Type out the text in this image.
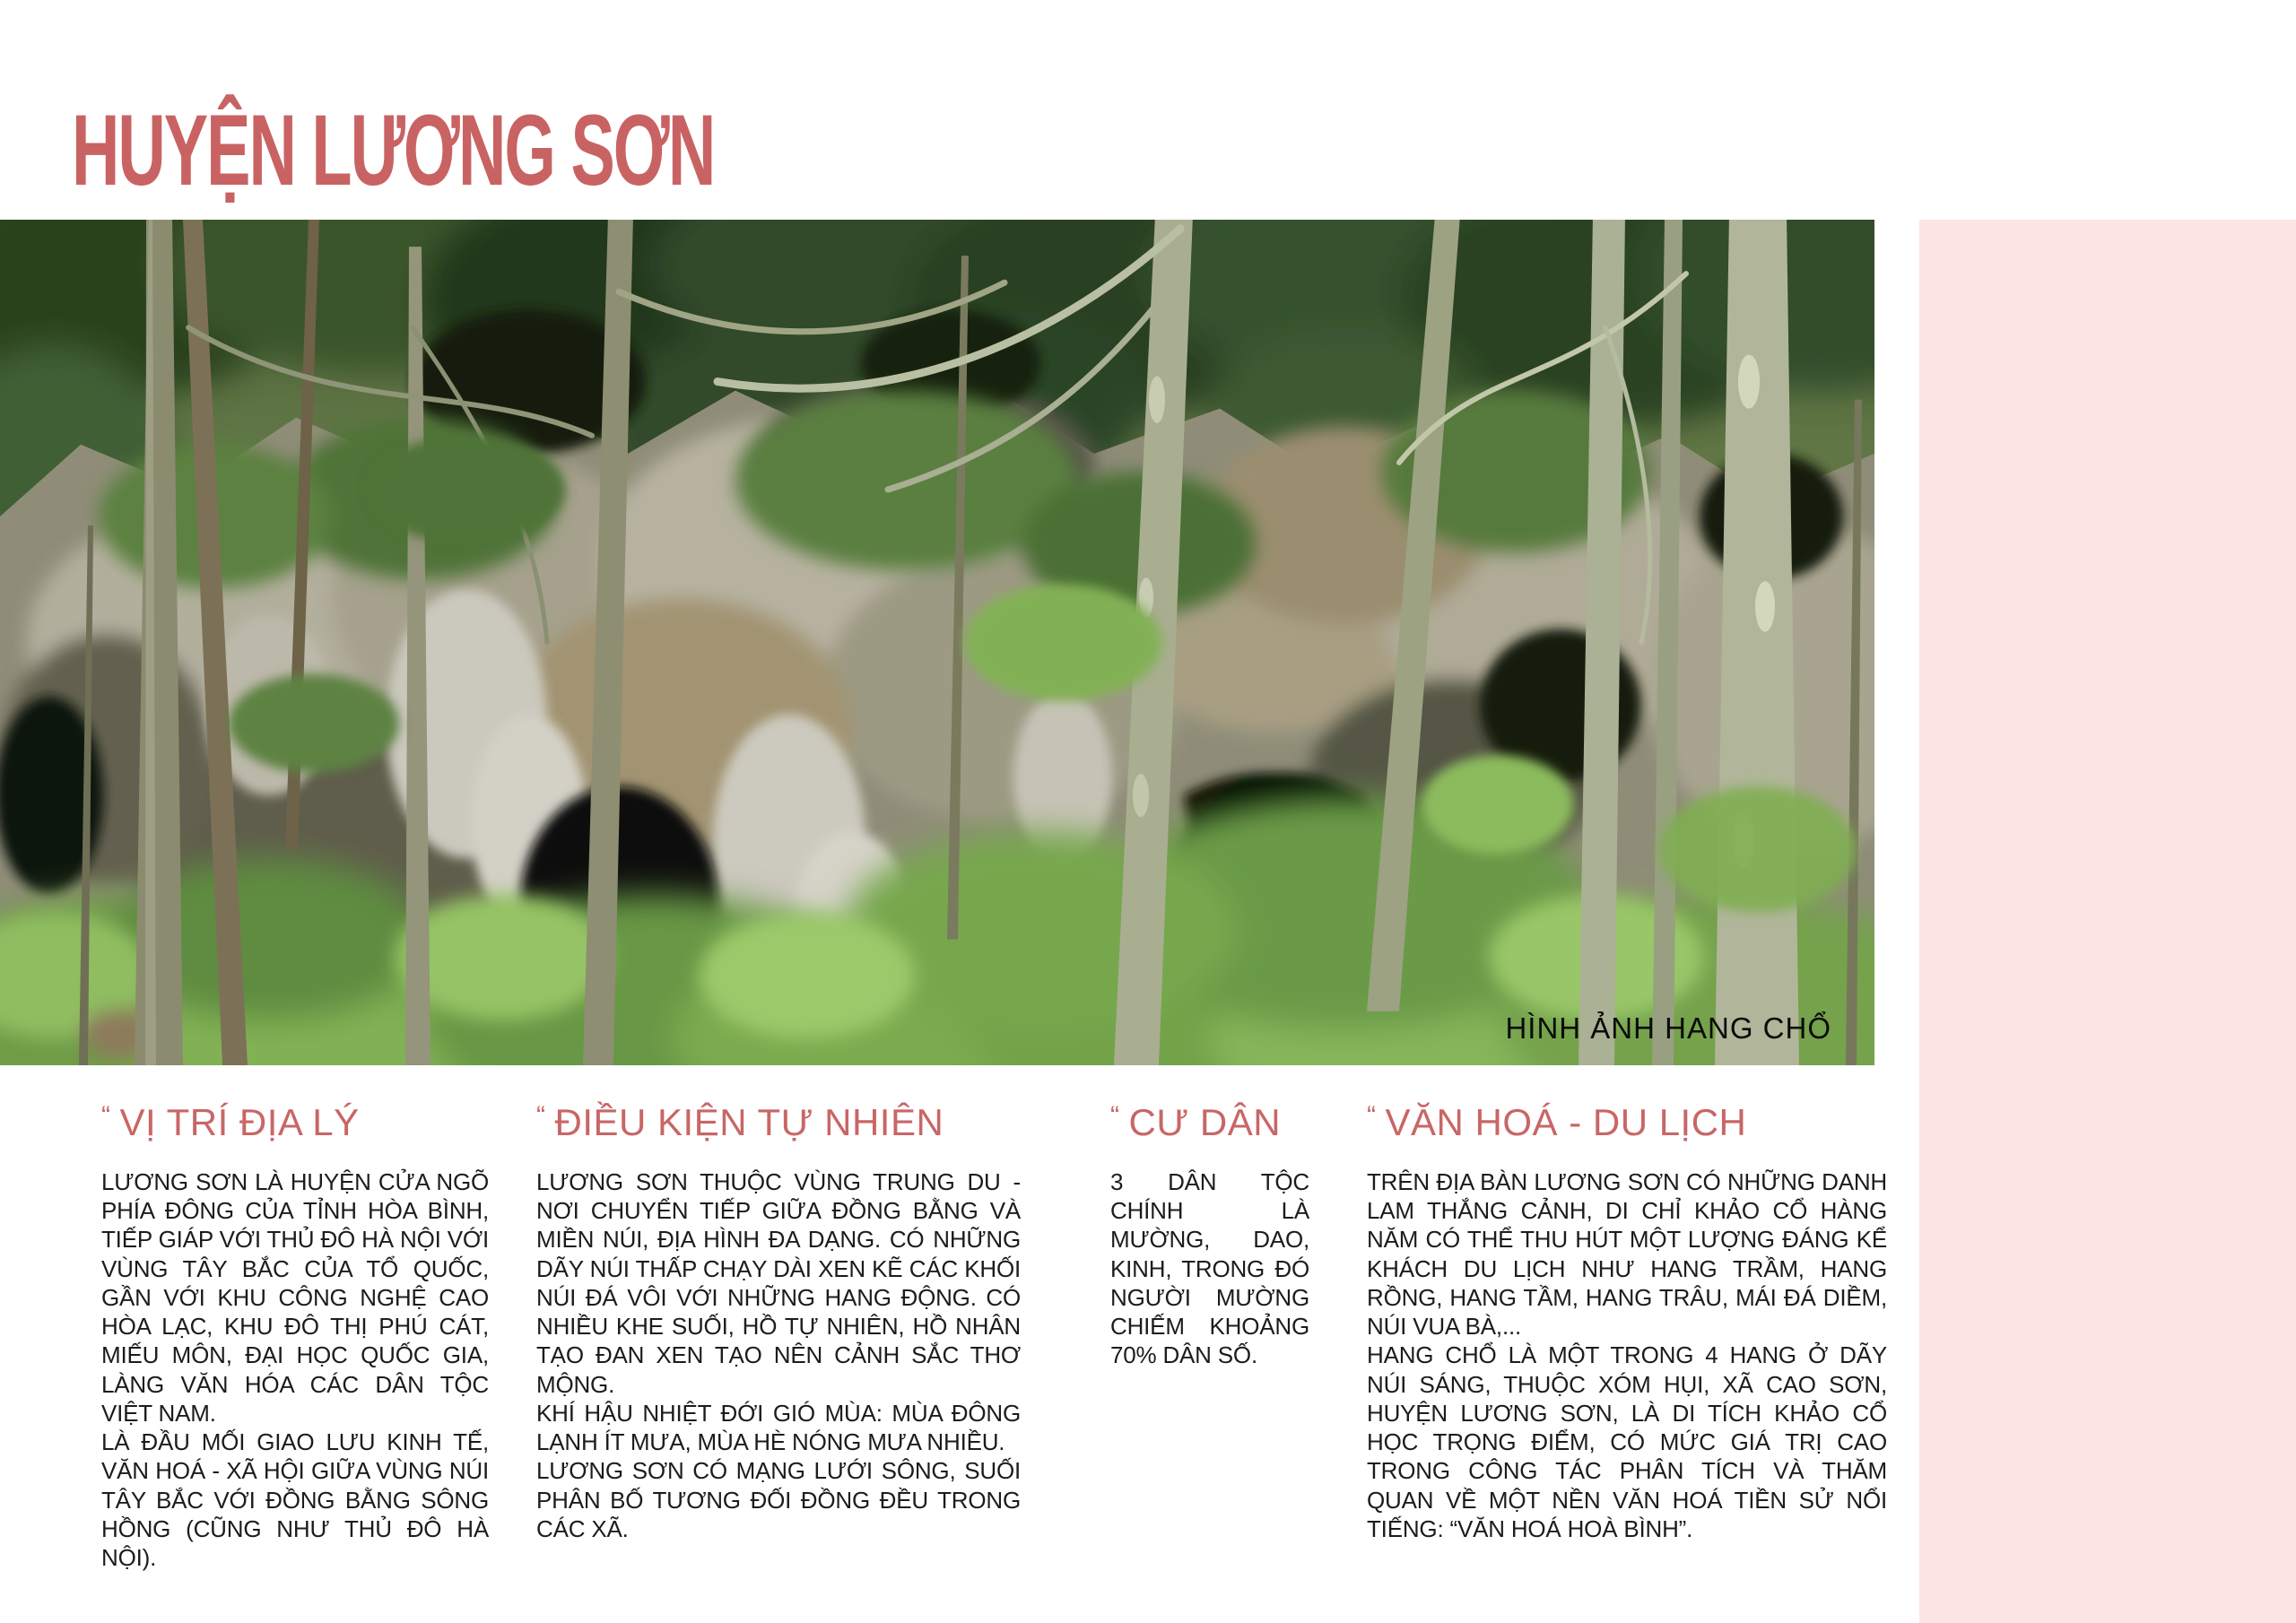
HUYỆN LƯƠNG SƠN
HÌNH ẢNH HANG CHỔ
“ VỊ TRÍ ĐỊA LÝ

LƯƠNG SƠN LÀ HUYỆN CỬA NGÕ PHÍA ĐÔNG CỦA TỈNH HÒA BÌNH, TIẾP GIÁP VỚI THỦ ĐÔ HÀ NỘI VỚI VÙNG TÂY BẮC CỦA TỔ QUỐC, GẦN VỚI KHU CÔNG NGHỆ CAO HÒA LẠC, KHU ĐÔ THỊ PHÚ CÁT, MIẾU MÔN, ĐẠI HỌC QUỐC GIA, LÀNG VĂN HÓA CÁC DÂN TỘC VIỆT NAM.

LÀ ĐẦU MỐI GIAO LƯU KINH TẾ, VĂN HOÁ - XÃ HỘI GIỮA VÙNG NÚI TÂY BẮC VỚI ĐỒNG BẰNG SÔNG HỒNG (CŨNG NHƯ THỦ ĐÔ HÀ NỘI).

“ ĐIỀU KIỆN TỰ NHIÊN

LƯƠNG SƠN THUỘC VÙNG TRUNG DU - NƠI CHUYỂN TIẾP GIỮA ĐỒNG BẰNG VÀ MIỀN NÚI, ĐỊA HÌNH ĐA DẠNG. CÓ NHỮNG DÃY NÚI THẤP CHẠY DÀI XEN KẼ CÁC KHỐI NÚI ĐÁ VÔI VỚI NHỮNG HANG ĐỘNG. CÓ NHIỀU KHE SUỐI, HỒ TỰ NHIÊN, HỒ NHÂN TẠO ĐAN XEN TẠO NÊN CẢNH SẮC THƠ MỘNG.

KHÍ HẬU NHIỆT ĐỚI GIÓ MÙA: MÙA ĐÔNG LẠNH ÍT MƯA, MÙA HÈ NÓNG MƯA NHIỀU.

LƯƠNG SƠN CÓ MẠNG LƯỚI SÔNG, SUỐI PHÂN BỐ TƯƠNG ĐỐI ĐỒNG ĐỀU TRONG CÁC XÃ.

“ CƯ DÂN

3 DÂN TỘC CHÍNH LÀ MƯỜNG, DAO, KINH, TRONG ĐÓ NGƯỜI MƯỜNG CHIẾM KHOẢNG 70% DÂN SỐ.

“ VĂN HOÁ - DU LỊCH

TRÊN ĐỊA BÀN LƯƠNG SƠN CÓ NHỮNG DANH LAM THẮNG CẢNH, DI CHỈ KHẢO CỔ HÀNG NĂM CÓ THỂ THU HÚT MỘT LƯỢNG ĐÁNG KỂ KHÁCH DU LỊCH NHƯ HANG TRẦM, HANG RỒNG, HANG TẦM, HANG TRÂU, MÁI ĐÁ DIỀM, NÚI VUA BÀ,...

HANG CHỔ LÀ MỘT TRONG 4 HANG Ở DÃY NÚI SÁNG, THUỘC XÓM HỤI, XÃ CAO SƠN, HUYỆN LƯƠNG SƠN, LÀ DI TÍCH KHẢO CỔ HỌC TRỌNG ĐIỂM, CÓ MỨC GIÁ TRỊ CAO TRONG CÔNG TÁC PHÂN TÍCH VÀ THĂM QUAN VỀ MỘT NỀN VĂN HOÁ TIỀN SỬ NỔI TIẾNG: “VĂN HOÁ HOÀ BÌNH”.
